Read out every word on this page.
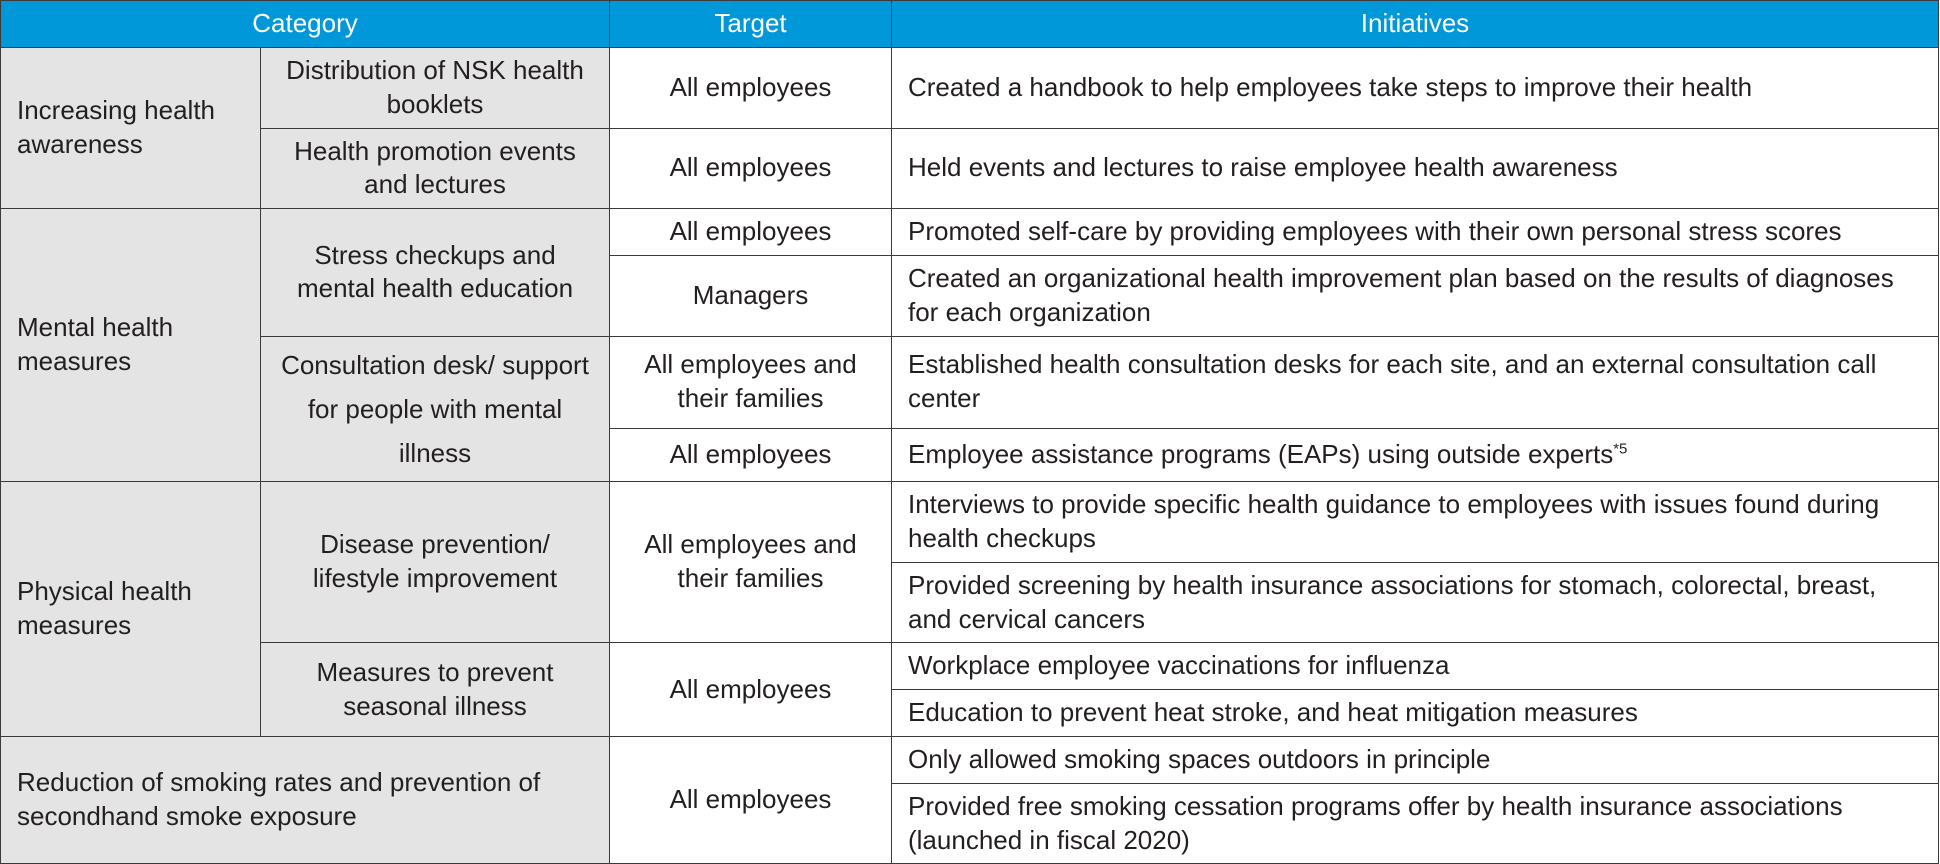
Category		Target	Initiatives
Increasing health awareness	Distribution of NSK health booklets	All employees	Created a handbook to help employees take steps to improve their health
	Health promotion events and lectures	All employees	Held events and lectures to raise employee health awareness
Mental health measures	Stress checkups and mental health education	All employees	Promoted self-care by providing employees with their own personal stress scores
		Managers	Created an organizational health improvement plan based on the results of diagnoses for each organization
	Consultation desk/ support for people with mental illness	All employees and their families	Established health consultation desks for each site, and an external consultation call center
		All employees	Employee assistance programs (EAPs) using outside experts$^{*5}$
Physical health measures	Disease prevention/ lifestyle improvement	All employees and their families	Interviews to provide specific health guidance to employees with issues found during health checkups
			Provided screening by health insurance associations for stomach, colorectal, breast, and cervical cancers
	Measures to prevent seasonal illness	All employees	Workplace employee vaccinations for influenza
			Education to prevent heat stroke, and heat mitigation measures
Reduction of smoking rates and prevention of secondhand smoke exposure		All employees	Only allowed smoking spaces outdoors in principle
			Provided free smoking cessation programs offer by health insurance associations (launched in fiscal 2020)
